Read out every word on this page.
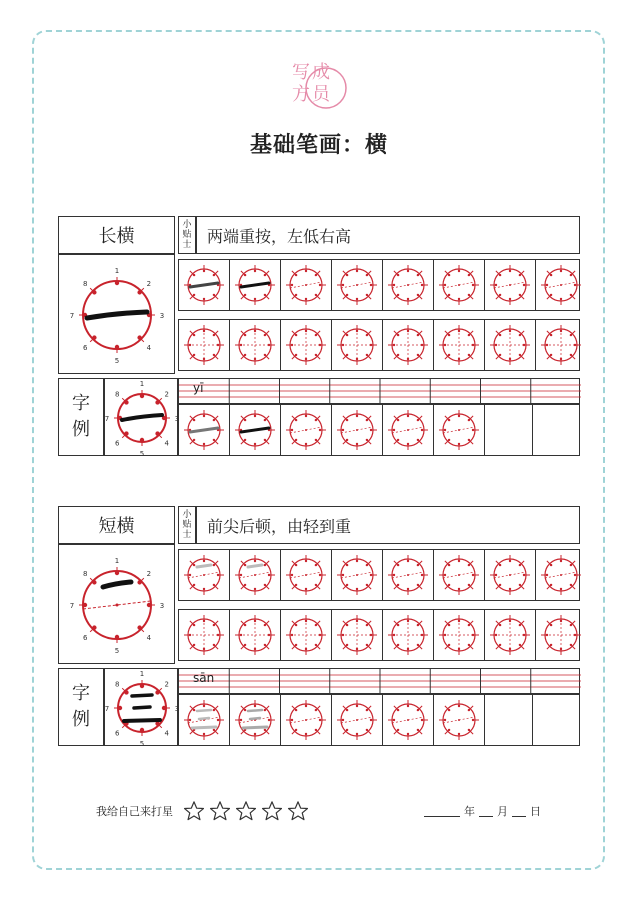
写 成
方 员
基础笔画：横
长横
小
贴
士 两端重按，左低右高
1
2
3
4
5
6
7
8
字
例
1
2
3
4
5
6
7
8	yī
短横
小
贴
士 前尖后顿，由轻到重
1
2
3
4
5
6
7
8
字
例
1
2
3
4
5
6
7
8	sān
我给自己来打星	年 月 日
